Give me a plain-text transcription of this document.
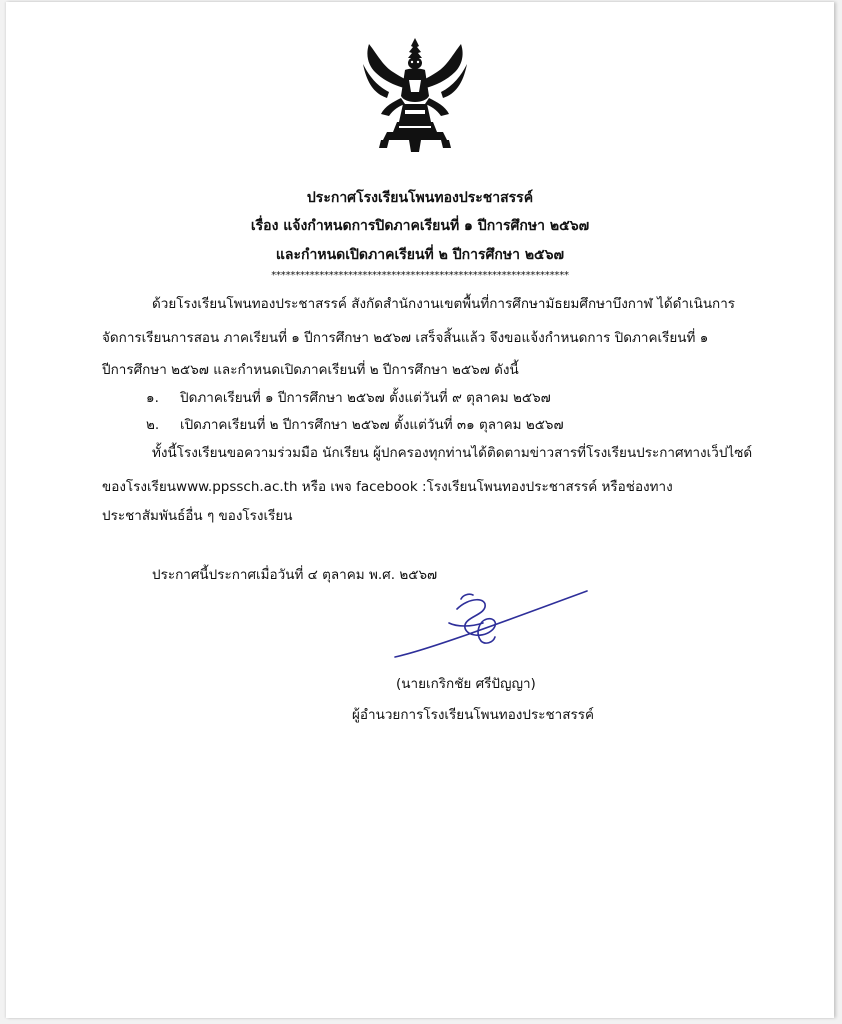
ประกาศโรงเรียนโพนทองประชาสรรค์
เรื่อง แจ้งกำหนดการปิดภาคเรียนที่ ๑ ปีการศึกษา ๒๕๖๗
และกำหนดเปิดภาคเรียนที่ ๒ ปีการศึกษา ๒๕๖๗
**************************************************************
ด้วยโรงเรียนโพนทองประชาสรรค์ สังกัดสำนักงานเขตพื้นที่การศึกษามัธยมศึกษาบึงกาฬ ได้ดำเนินการ
จัดการเรียนการสอน ภาคเรียนที่ ๑ ปีการศึกษา ๒๕๖๗ เสร็จสิ้นแล้ว จึงขอแจ้งกำหนดการ ปิดภาคเรียนที่ ๑
ปีการศึกษา ๒๕๖๗ และกำหนดเปิดภาคเรียนที่ ๒ ปีการศึกษา ๒๕๖๗ ดังนี้
๑. ปิดภาคเรียนที่ ๑ ปีการศึกษา ๒๕๖๗ ตั้งแต่วันที่ ๙ ตุลาคม ๒๕๖๗
๒. เปิดภาคเรียนที่ ๒ ปีการศึกษา ๒๕๖๗ ตั้งแต่วันที่ ๓๑ ตุลาคม ๒๕๖๗
ทั้งนี้โรงเรียนขอความร่วมมือ นักเรียน ผู้ปกครองทุกท่านได้ติดตามข่าวสารที่โรงเรียนประกาศทางเว็ปไซด์
ของโรงเรียนwww.ppssch.ac.th หรือ เพจ facebook :โรงเรียนโพนทองประชาสรรค์ หรือช่องทาง
ประชาสัมพันธ์อื่น ๆ ของโรงเรียน
ประกาศนี้ประกาศเมื่อวันที่ ๔ ตุลาคม พ.ศ. ๒๕๖๗
(นายเกริกชัย ศรีปัญญา)
ผู้อำนวยการโรงเรียนโพนทองประชาสรรค์
